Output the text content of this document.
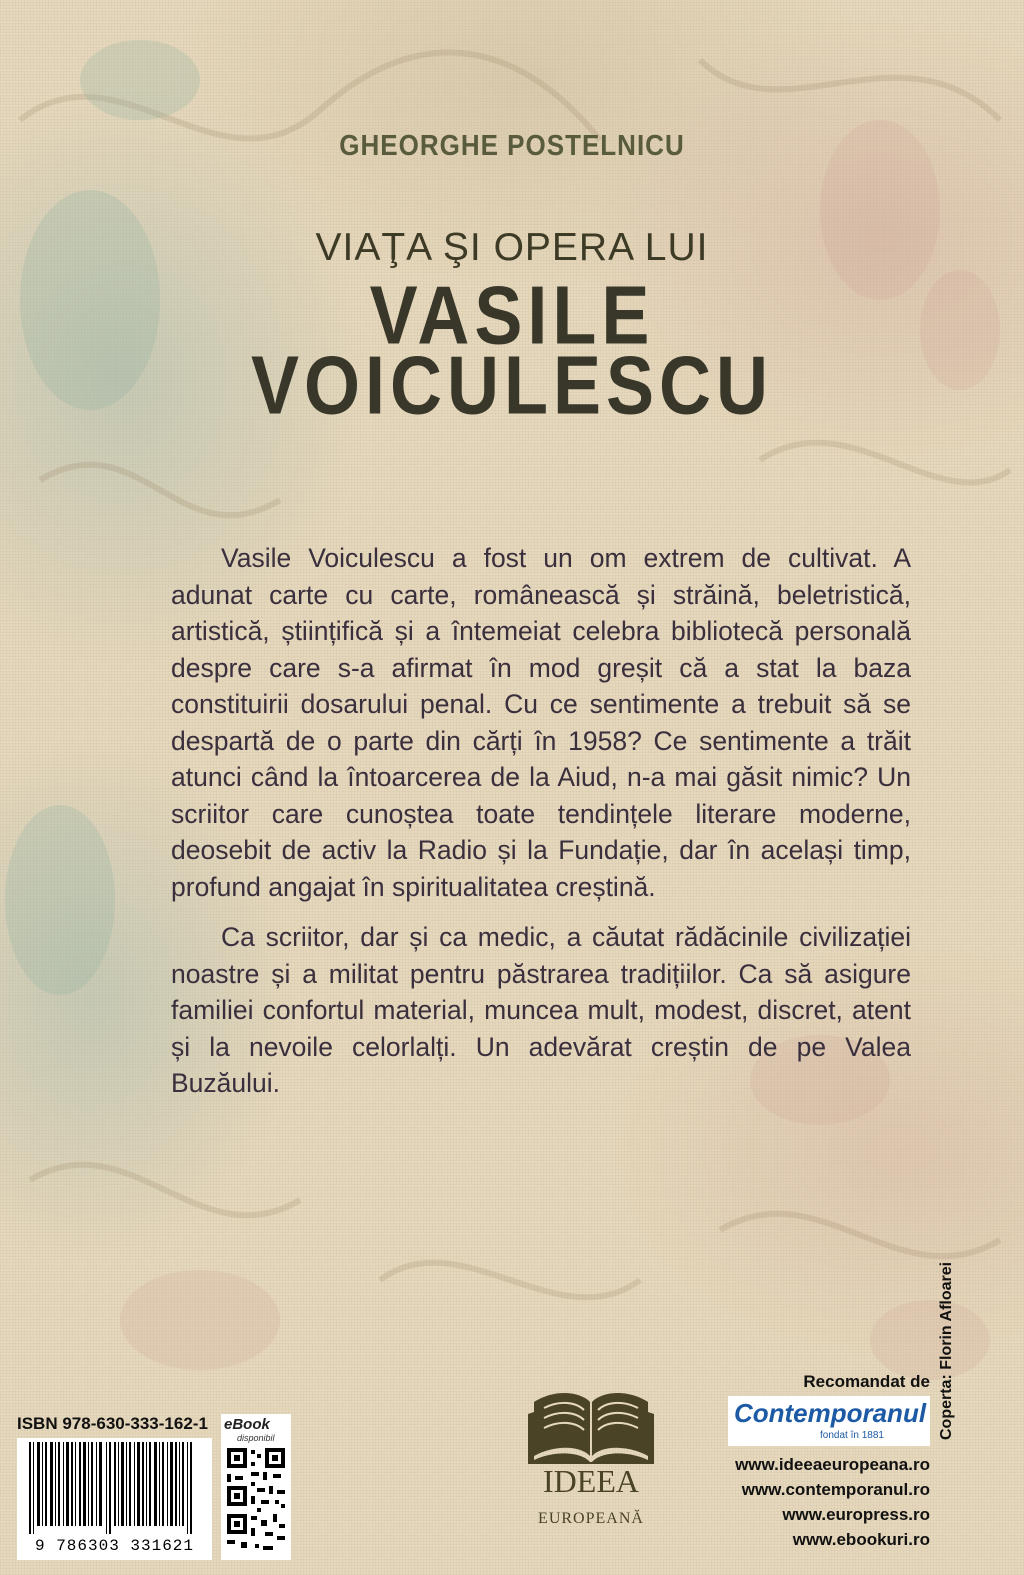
GHEORGHE POSTELNICU
VIAŢA ŞI OPERA LUI
VASILE
VOICULESCU

Vasile Voiculescu a fost un om extrem de cultivat. A adunat carte cu carte, românească și străină, beletristică, artistică, științifică și a întemeiat celebra bibliotecă personală despre care s-a afirmat în mod greșit că a stat la baza constituirii dosarului penal. Cu ce sentimente a trebuit să se despartă de o parte din cărți în 1958? Ce sentimente a trăit atunci când la întoarcerea de la Aiud, n-a mai găsit nimic? Un scriitor care cunoștea toate tendințele literare moderne, deosebit de activ la Radio și la Fundație, dar în același timp, profund angajat în spiritualitatea creștină.

Ca scriitor, dar și ca medic, a căutat rădăcinile civilizației noastre și a militat pentru păstrarea tradițiilor. Ca să asigure familiei confortul material, muncea mult, modest, discret, atent și la nevoile celorlalți. Un adevărat creștin de pe Valea Buzăului.

ISBN 978-630-333-162-1
9 786303 331621
eBook
disponibil
IDEEA
EUROPEANĂ
Recomandat de
Contemporanul
fondat în 1881
www.ideeaeuropeana.ro
www.contemporanul.ro
www.europress.ro
www.ebookuri.ro
Coperta: Florin Afloarei
